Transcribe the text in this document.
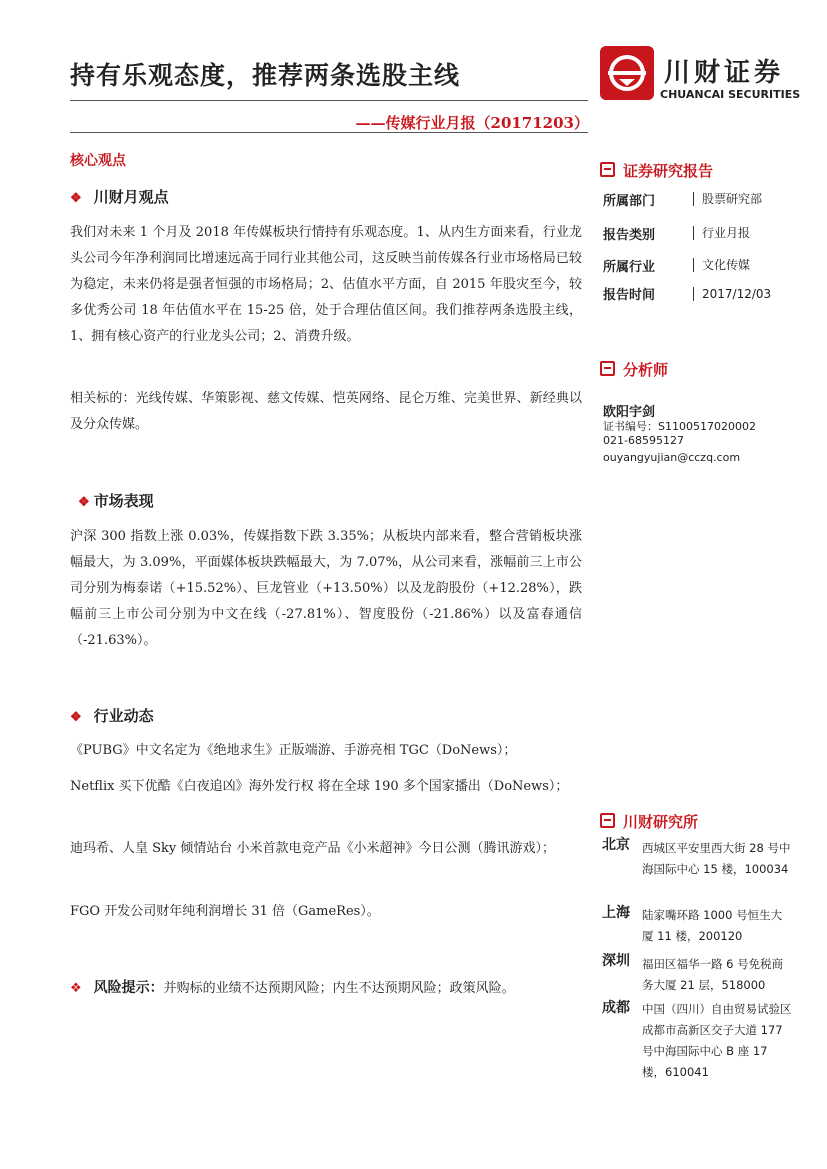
持有乐观态度，推荐两条选股主线
——传媒行业月报（20171203）
川财证券
CHUANCAI SECURITIES
核心观点
❖ 川财月观点

我们对未来 1 个月及 2018 年传媒板块行情持有乐观态度。1、从内生方面来看，行业龙头公司今年净利润同比增速远高于同行业其他公司，这反映当前传媒各行业市场格局已较为稳定，未来仍将是强者恒强的市场格局；2、估值水平方面，自 2015 年股灾至今，较多优秀公司 18 年估值水平在 15-25 倍，处于合理估值区间。我们推荐两条选股主线，1、拥有核心资产的行业龙头公司；2、消费升级。

相关标的：光线传媒、华策影视、慈文传媒、恺英网络、昆仑万维、完美世界、新经典以及分众传媒。

❖ 市场表现

沪深 300 指数上涨 0.03%，传媒指数下跌 3.35%；从板块内部来看，整合营销板块涨幅最大，为 3.09%，平面媒体板块跌幅最大，为 7.07%，从公司来看，涨幅前三上市公司分别为梅泰诺（+15.52%）、巨龙管业（+13.50%）以及龙韵股份（+12.28%），跌幅前三上市公司分别为中文在线（-27.81%）、智度股份（-21.86%）以及富春通信（-21.63%）。

❖ 行业动态

《PUBG》中文名定为《绝地求生》正版端游、手游亮相 TGC（DoNews）；

Netflix 买下优酷《白夜追凶》海外发行权 将在全球 190 多个国家播出（DoNews）；

迪玛希、人皇 Sky 倾情站台 小米首款电竞产品《小米超神》今日公测（腾讯游戏）；

FGO 开发公司财年纯利润增长 31 倍（GameRes）。

❖ 风险提示：并购标的业绩不达预期风险；内生不达预期风险；政策风险。
证券研究报告
所属部门	股票研究部
报告类别	行业月报
所属行业	文化传媒
报告时间	2017/12/03
分析师
欧阳宇剑
证书编号：S1100517020002
021-68595127
ouyangyujian@cczq.com
川财研究所
北京 西城区平安里西大街 28 号中海国际中心 15 楼，100034

上海 陆家嘴环路 1000 号恒生大厦 11 楼，200120

深圳 福田区福华一路 6 号免税商务大厦 21 层，518000

成都 中国（四川）自由贸易试验区成都市高新区交子大道 177 号中海国际中心 B 座 17 楼，610041
